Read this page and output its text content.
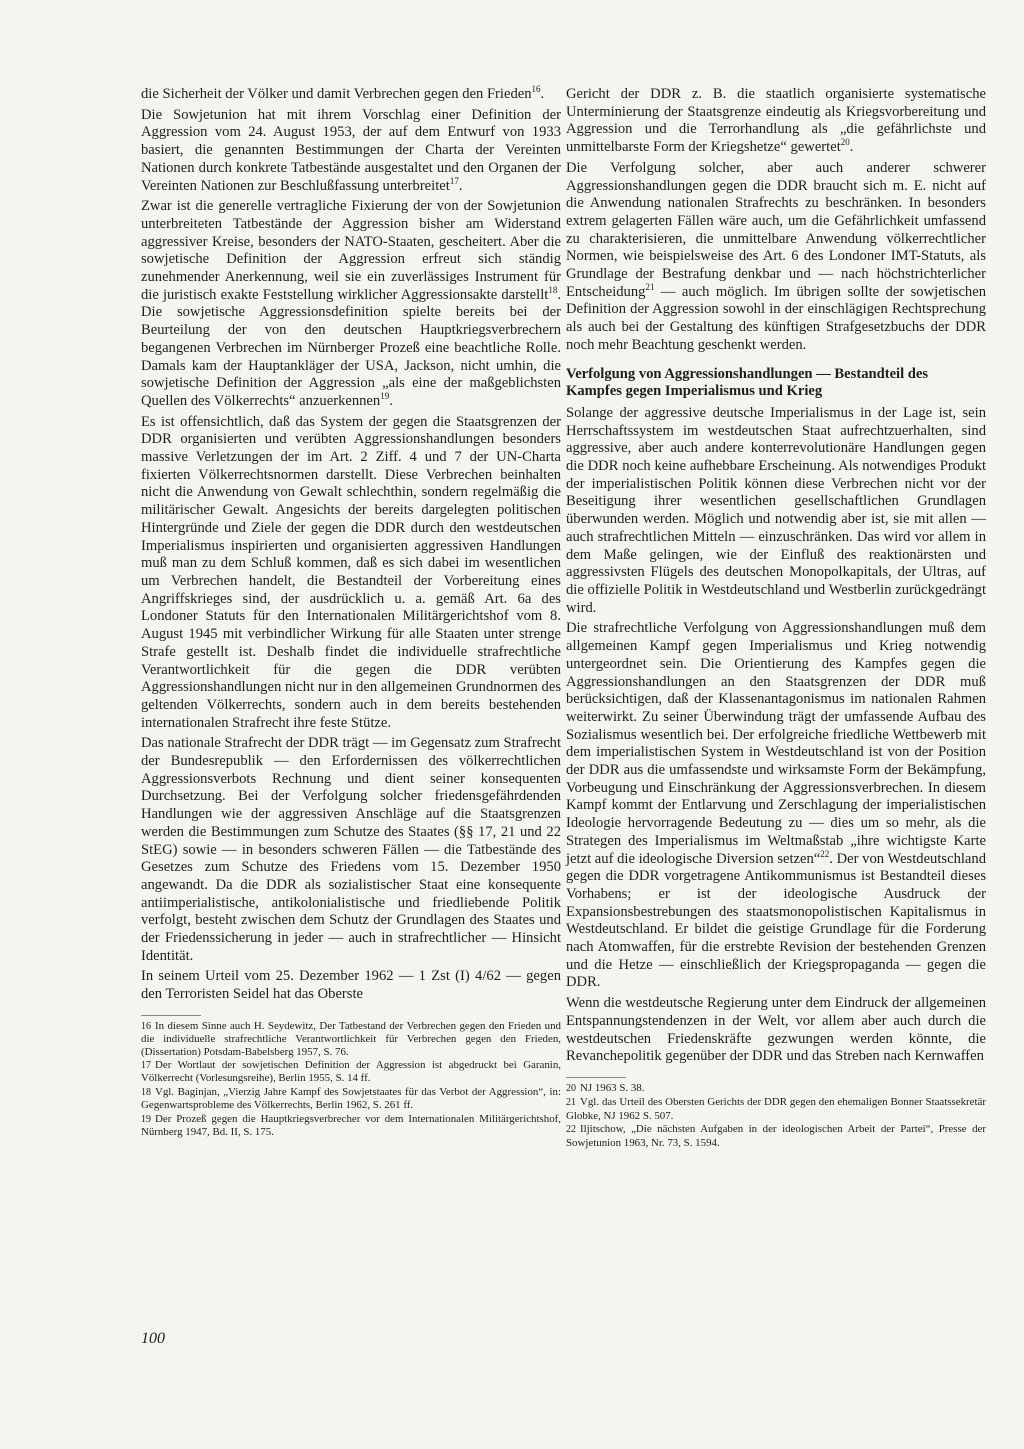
die Sicherheit der Völker und damit Verbrechen gegen den Frieden$^{16}$.

Die Sowjetunion hat mit ihrem Vorschlag einer Definition der Aggression vom 24. August 1953, der auf dem Entwurf von 1933 basiert, die genannten Bestimmungen der Charta der Vereinten Nationen durch konkrete Tatbestände ausgestaltet und den Organen der Vereinten Nationen zur Beschlußfassung unterbreitet$^{17}$.

Zwar ist die generelle vertragliche Fixierung der von der Sowjetunion unterbreiteten Tatbestände der Aggression bisher am Widerstand aggressiver Kreise, besonders der NATO-Staaten, gescheitert. Aber die sowjetische Definition der Aggression erfreut sich ständig zunehmender Anerkennung, weil sie ein zuverlässiges Instrument für die juristisch exakte Feststellung wirklicher Aggressionsakte darstellt$^{18}$. Die sowjetische Aggressionsdefinition spielte bereits bei der Beurteilung der von den deutschen Hauptkriegsverbrechern begangenen Verbrechen im Nürnberger Prozeß eine beachtliche Rolle. Damals kam der Hauptankläger der USA, Jackson, nicht umhin, die sowjetische Definition der Aggression „als eine der maßgeblichsten Quellen des Völkerrechts“ anzuerkennen$^{19}$.

Es ist offensichtlich, daß das System der gegen die Staatsgrenzen der DDR organisierten und verübten Aggressionshandlungen besonders massive Verletzungen der im Art. 2 Ziff. 4 und 7 der UN-Charta fixierten Völkerrechtsnormen darstellt. Diese Verbrechen beinhalten nicht die Anwendung von Gewalt schlechthin, sondern regelmäßig die militärischer Gewalt. Angesichts der bereits dargelegten politischen Hintergründe und Ziele der gegen die DDR durch den westdeutschen Imperialismus inspirierten und organisierten aggressiven Handlungen muß man zu dem Schluß kommen, daß es sich dabei im wesentlichen um Verbrechen handelt, die Bestandteil der Vorbereitung eines Angriffskrieges sind, der ausdrücklich u. a. gemäß Art. 6a des Londoner Statuts für den Internationalen Militärgerichtshof vom 8. August 1945 mit verbindlicher Wirkung für alle Staaten unter strenge Strafe gestellt ist. Deshalb findet die individuelle strafrechtliche Verantwortlichkeit für die gegen die DDR verübten Aggressionshandlungen nicht nur in den allgemeinen Grundnormen des geltenden Völkerrechts, sondern auch in dem bereits bestehenden internationalen Strafrecht ihre feste Stütze.

Das nationale Strafrecht der DDR trägt — im Gegensatz zum Strafrecht der Bundesrepublik — den Erfordernissen des völkerrechtlichen Aggressionsverbots Rechnung und dient seiner konsequenten Durchsetzung. Bei der Verfolgung solcher friedensgefährdenden Handlungen wie der aggressiven Anschläge auf die Staatsgrenzen werden die Bestimmungen zum Schutze des Staates (§§ 17, 21 und 22 StEG) sowie — in besonders schweren Fällen — die Tatbestände des Gesetzes zum Schutze des Friedens vom 15. Dezember 1950 angewandt. Da die DDR als sozialistischer Staat eine konsequente antiimperialistische, antikolonialistische und friedliebende Politik verfolgt, besteht zwischen dem Schutz der Grundlagen des Staates und der Friedenssicherung in jeder — auch in strafrechtlicher — Hinsicht Identität.

In seinem Urteil vom 25. Dezember 1962 — 1 Zst (I) 4/62 — gegen den Terroristen Seidel hat das Oberste

16 In diesem Sinne auch H. Seydewitz, Der Tatbestand der Verbrechen gegen den Frieden und die individuelle strafrechtliche Verantwortlichkeit für Verbrechen gegen den Frieden, (Dissertation) Potsdam-Babelsberg 1957, S. 76.

17 Der Wortlaut der sowjetischen Definition der Aggression ist abgedruckt bei Garanin, Völkerrecht (Vorlesungsreihe), Berlin 1955, S. 14 ff.

18 Vgl. Baginjan, „Vierzig Jahre Kampf des Sowjetstaates für das Verbot der Aggression“, in: Gegenwartsprobleme des Völkerrechts, Berlin 1962, S. 261 ff.

19 Der Prozeß gegen die Hauptkriegsverbrecher vor dem Internationalen Militärgerichtshof, Nürnberg 1947, Bd. II, S. 175.

Gericht der DDR z. B. die staatlich organisierte systematische Unterminierung der Staatsgrenze eindeutig als Kriegsvorbereitung und Aggression und die Terrorhandlung als „die gefährlichste und unmittelbarste Form der Kriegshetze“ gewertet$^{20}$.

Die Verfolgung solcher, aber auch anderer schwerer Aggressionshandlungen gegen die DDR braucht sich m. E. nicht auf die Anwendung nationalen Strafrechts zu beschränken. In besonders extrem gelagerten Fällen wäre auch, um die Gefährlichkeit umfassend zu charakterisieren, die unmittelbare Anwendung völkerrechtlicher Normen, wie beispielsweise des Art. 6 des Londoner IMT-Statuts, als Grundlage der Bestrafung denkbar und — nach höchstrichterlicher Entscheidung$^{21}$ — auch möglich. Im übrigen sollte der sowjetischen Definition der Aggression sowohl in der einschlägigen Rechtsprechung als auch bei der Gestaltung des künftigen Strafgesetzbuchs der DDR noch mehr Beachtung geschenkt werden.

Verfolgung von Aggressionshandlungen — Bestandteil des Kampfes gegen Imperialismus und Krieg

Solange der aggressive deutsche Imperialismus in der Lage ist, sein Herrschaftssystem im westdeutschen Staat aufrechtzuerhalten, sind aggressive, aber auch andere konterrevolutionäre Handlungen gegen die DDR noch keine aufhebbare Erscheinung. Als notwendiges Produkt der imperialistischen Politik können diese Verbrechen nicht vor der Beseitigung ihrer wesentlichen gesellschaftlichen Grundlagen überwunden werden. Möglich und notwendig aber ist, sie mit allen — auch strafrechtlichen Mitteln — einzuschränken. Das wird vor allem in dem Maße gelingen, wie der Einfluß des reaktionärsten und aggressivsten Flügels des deutschen Monopolkapitals, der Ultras, auf die offizielle Politik in Westdeutschland und Westberlin zurückgedrängt wird.

Die strafrechtliche Verfolgung von Aggressionshandlungen muß dem allgemeinen Kampf gegen Imperialismus und Krieg notwendig untergeordnet sein. Die Orientierung des Kampfes gegen die Aggressionshandlungen an den Staatsgrenzen der DDR muß berücksichtigen, daß der Klassenantagonismus im nationalen Rahmen weiterwirkt. Zu seiner Überwindung trägt der umfassende Aufbau des Sozialismus wesentlich bei. Der erfolgreiche friedliche Wettbewerb mit dem imperialistischen System in Westdeutschland ist von der Position der DDR aus die umfassendste und wirksamste Form der Bekämpfung, Vorbeugung und Einschränkung der Aggressionsverbrechen. In diesem Kampf kommt der Entlarvung und Zerschlagung der imperialistischen Ideologie hervorragende Bedeutung zu — dies um so mehr, als die Strategen des Imperialismus im Weltmaßstab „ihre wichtigste Karte jetzt auf die ideologische Diversion setzen“$^{22}$. Der von Westdeutschland gegen die DDR vorgetragene Antikommunismus ist Bestandteil dieses Vorhabens; er ist der ideologische Ausdruck der Expansionsbestrebungen des staatsmonopolistischen Kapitalismus in Westdeutschland. Er bildet die geistige Grundlage für die Forderung nach Atomwaffen, für die erstrebte Revision der bestehenden Grenzen und die Hetze — einschließlich der Kriegspropaganda — gegen die DDR.

Wenn die westdeutsche Regierung unter dem Eindruck der allgemeinen Entspannungstendenzen in der Welt, vor allem aber auch durch die westdeutschen Friedenskräfte gezwungen werden könnte, die Revanchepolitik gegenüber der DDR und das Streben nach Kernwaffen

20 NJ 1963 S. 38.

21 Vgl. das Urteil des Obersten Gerichts der DDR gegen den ehemaligen Bonner Staatssekretär Globke, NJ 1962 S. 507.

22 Iljitschow, „Die nächsten Aufgaben in der ideologischen Arbeit der Partei“, Presse der Sowjetunion 1963, Nr. 73, S. 1594.

100
